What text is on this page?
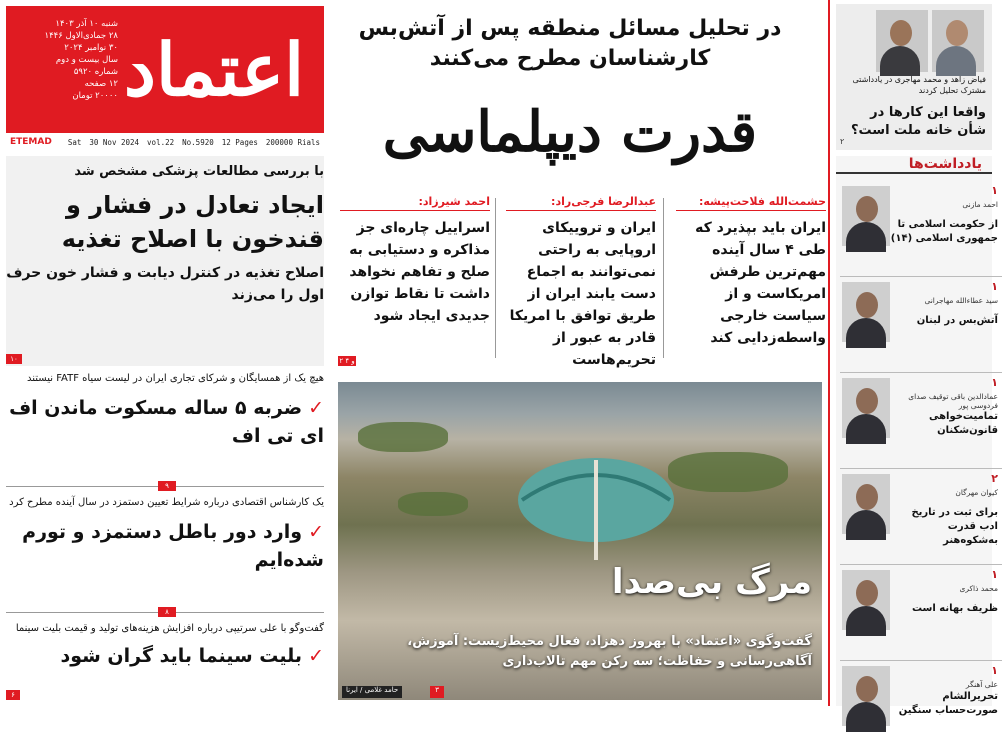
شنبه ۱۰ آذر ۱۴۰۳
۲۸ جمادی‌الاول ۱۴۴۶
۳۰ نوامبر ۲۰۲۴
سال بیست و دوم
شماره ۵۹۲۰
۱۲ صفحه
۲۰۰۰۰ تومان اعتماد
ETEMAD Sat 30 Nov 2024 vol.22 No.5920 12 Pages 200000 Rials
در تحلیل مسائل منطقه پس از آتش‌بس
کارشناسان مطرح می‌کنند
قدرت دیپلماسی
حشمت‌الله فلاحت‌پیشه:
ایران باید بپذیرد که طی ۴ سال آینده مهم‌ترین طرفش امریکاست و از سیاست خارجی واسطه‌زدایی کند
عبدالرضا فرجی‌راد:
ایران و تروییکای اروپایی به راحتی نمی‌توانند به اجماع دست یابند ایران از طریق توافق با امریکا قادر به عبور از تحریم‌هاست
احمد شیرزاد:
اسراییل چاره‌ای جز مذاکره و دستیابی به صلح و تفاهم نخواهد داشت تا نقاط توازن جدیدی ایجاد شود
۲ و ۴
با بررسی مطالعات پزشکی مشخص شد
ایجاد تعادل در فشار و قندخون با اصلاح تغذیه
اصلاح تغذیه در کنترل دیابت و فشار خون حرف اول را می‌زند
۱۰
هیچ یک از همسایگان و شرکای تجاری ایران در لیست سیاه FATF نیستند
✓ضربه ۵ ساله مسکوت ماندن اف ای تی اف
۹
یک کارشناس اقتصادی درباره شرایط تعیین دستمزد در سال آینده مطرح کرد
✓وارد دور باطل دستمزد و تورم شده‌ایم
۸
گفت‌وگو با علی سرتیپی درباره افزایش هزینه‌های تولید و قیمت بلیت سینما
✓بلیت سینما باید گران شود
۶
مرگ بی‌صدا
گفت‌وگوی «اعتماد» با بهروز دهزاد، فعال محیط‌زیست: آموزش، آگاهی‌رسانی و حفاظت؛ سه رکن مهم تالاب‌داری
۳
حامد غلامی / ایرنا
فیاض زاهد و محمد مهاجری در یادداشتی مشترک تحلیل کردند
واقعا این کارها در شأن خانه ملت است؟
۲
یادداشت‌ها
۱
احمد مازنی
از حکومت اسلامی تا جمهوری اسلامی (۱۴)
۱
سید عطاءالله مهاجرانی
آتش‌بس در لبنان
۱
عمادالدین باقی توقیف صدای فردوسی پور
تمامیت‌خواهی قانون‌شکنان
۲
کیوان مهرگان
برای ثبت در تاریخ ادب قدرت به‌شکوه‌هنر
۱
محمد ذاکری
ظریف بهانه است
۱
علی آهنگر
تحریرالشام صورت‌حساب سنگین
